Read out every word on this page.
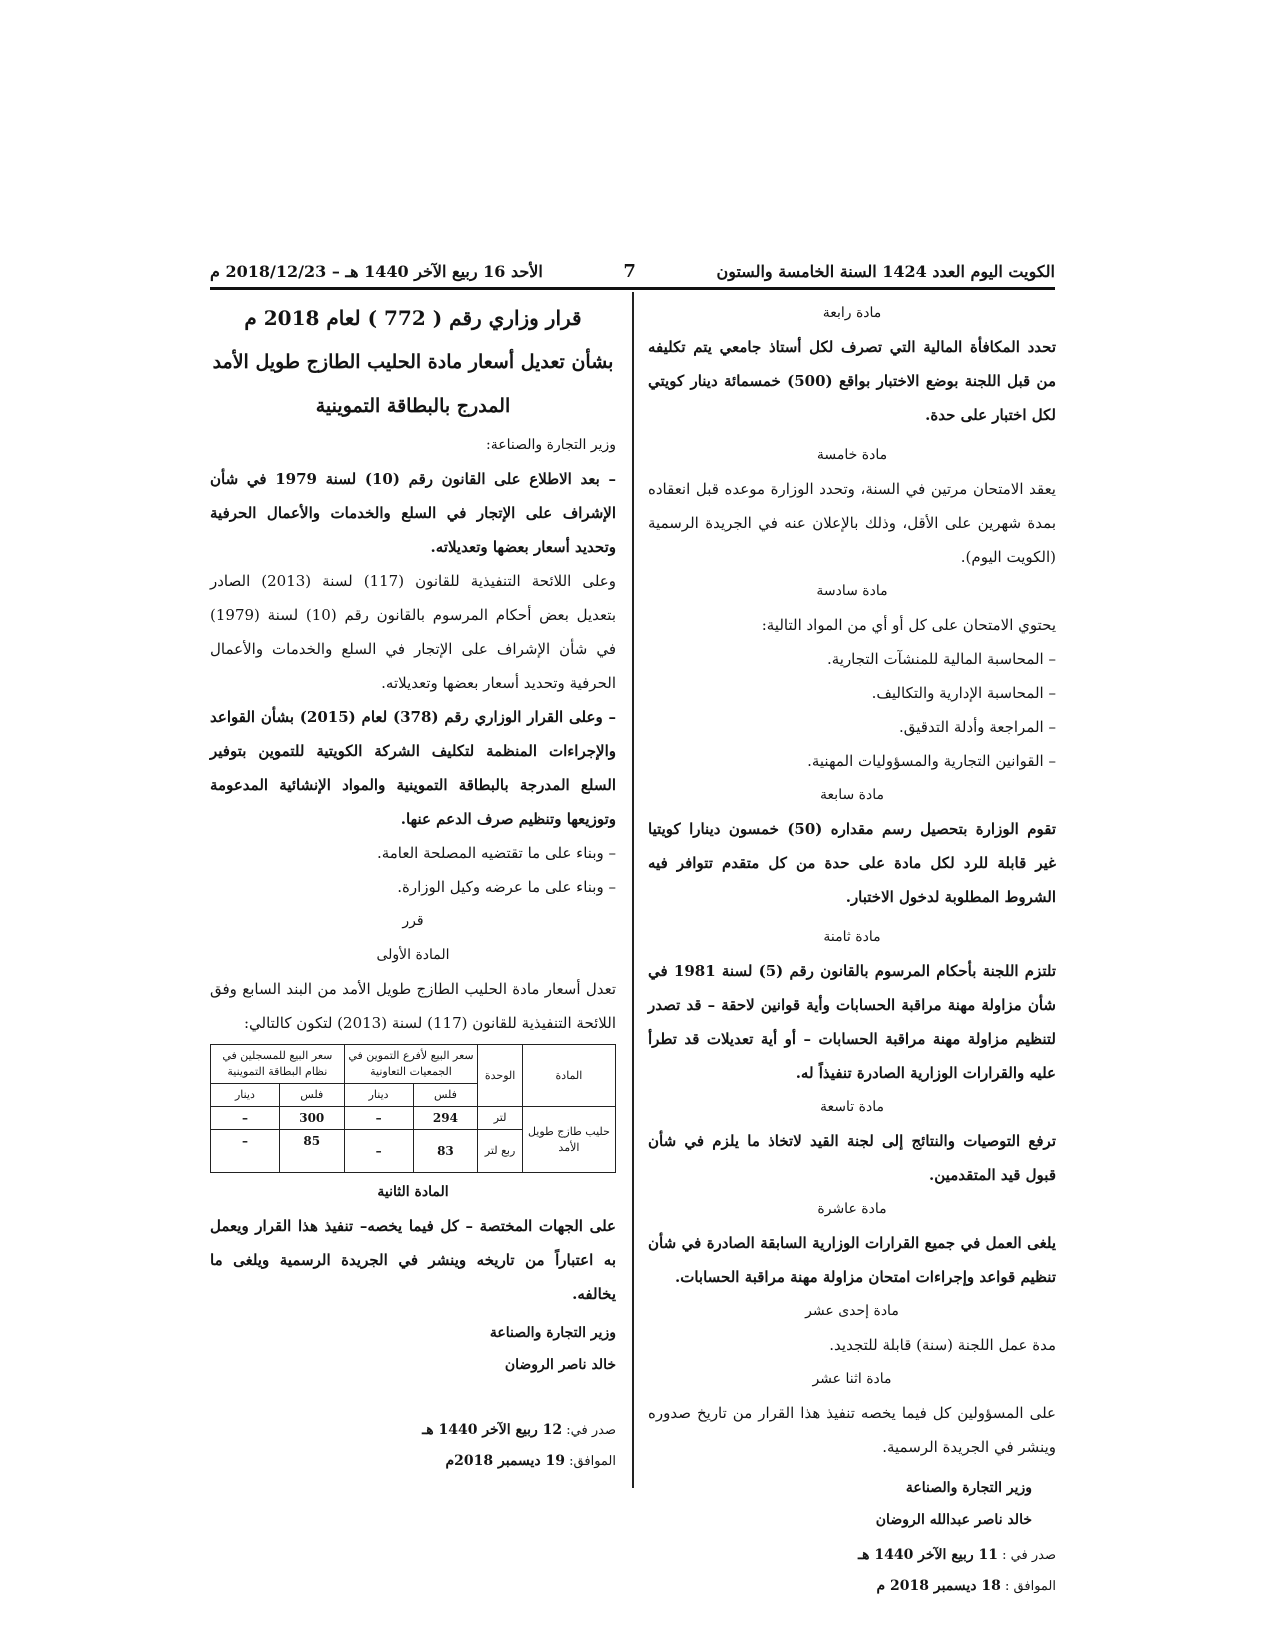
الكويت اليوم العدد 1424 السنة الخامسة والستون
7
الأحد 16 ربيع الآخر 1440 هـ – 2018/12/23 م

مادة رابعة

تحدد المكافأة المالية التي تصرف لكل أستاذ جامعي يتم تكليفه من قبل اللجنة بوضع الاختبار بواقع (500) خمسمائة دينار كويتي لكل اختبار على حدة.

مادة خامسة

يعقد الامتحان مرتين في السنة، وتحدد الوزارة موعده قبل انعقاده بمدة شهرين على الأقل، وذلك بالإعلان عنه في الجريدة الرسمية (الكويت اليوم).

مادة سادسة

يحتوي الامتحان على كل أو أي من المواد التالية:

– المحاسبة المالية للمنشآت التجارية.

– المحاسبة الإدارية والتكاليف.

– المراجعة وأدلة التدقيق.

– القوانين التجارية والمسؤوليات المهنية.

مادة سابعة

تقوم الوزارة بتحصيل رسم مقداره (50) خمسون دينارا كويتيا غير قابلة للرد لكل مادة على حدة من كل متقدم تتوافر فيه الشروط المطلوبة لدخول الاختبار.

مادة ثامنة

تلتزم اللجنة بأحكام المرسوم بالقانون رقم (5) لسنة 1981 في شأن مزاولة مهنة مراقبة الحسابات وأية قوانين لاحقة – قد تصدر لتنظيم مزاولة مهنة مراقبة الحسابات – أو أية تعديلات قد تطرأ عليه والقرارات الوزارية الصادرة تنفيذاً له.

مادة تاسعة

ترفع التوصيات والنتائج إلى لجنة القيد لاتخاذ ما يلزم في شأن قبول قيد المتقدمين.

مادة عاشرة

يلغى العمل في جميع القرارات الوزارية السابقة الصادرة في شأن تنظيم قواعد وإجراءات امتحان مزاولة مهنة مراقبة الحسابات.

مادة إحدى عشر

مدة عمل اللجنة (سنة) قابلة للتجديد.

مادة اثنا عشر

على المسؤولين كل فيما يخصه تنفيذ هذا القرار من تاريخ صدوره وينشر في الجريدة الرسمية.

وزير التجارة والصناعة

خالد ناصر عبدالله الروضان

صدر في : 11 ربيع الآخر 1440 هـ

الموافق : 18 ديسمبر 2018 م

قرار وزاري رقم ( 772 ) لعام 2018 م

بشأن تعديل أسعار مادة الحليب الطازج طويل الأمد

المدرج بالبطاقة التموينية

وزير التجارة والصناعة:

– بعد الاطلاع على القانون رقم (10) لسنة 1979 في شأن الإشراف على الإتجار في السلع والخدمات والأعمال الحرفية وتحديد أسعار بعضها وتعديلاته.

وعلى اللائحة التنفيذية للقانون (117) لسنة (2013) الصادر بتعديل بعض أحكام المرسوم بالقانون رقم (10) لسنة (1979) في شأن الإشراف على الإتجار في السلع والخدمات والأعمال الحرفية وتحديد أسعار بعضها وتعديلاته.

– وعلى القرار الوزاري رقم (378) لعام (2015) بشأن القواعد والإجراءات المنظمة لتكليف الشركة الكويتية للتموين بتوفير السلع المدرجة بالبطاقة التموينية والمواد الإنشائية المدعومة وتوزيعها وتنظيم صرف الدعم عنها.

– وبناء على ما تقتضيه المصلحة العامة.

– وبناء على ما عرضه وكيل الوزارة.

قرر

المادة الأولى

تعدل أسعار مادة الحليب الطازج طويل الأمد من البند السابع وفق اللائحة التنفيذية للقانون (117) لسنة (2013) لتكون كالتالي:

المادة	الوحدة	سعر البيع لأفرع التموين في الجمعيات التعاونية		سعر البيع للمسجلين في نظام البطاقة التموينية	
		فلس	دينار	فلس	دينار
حليب طازج طويل الأمد	لتر	294	–	300	–
	ربع لتر	83	–	85	–

المادة الثانية

على الجهات المختصة – كل فيما يخصه– تنفيذ هذا القرار ويعمل به اعتباراً من تاريخه وينشر في الجريدة الرسمية ويلغى ما يخالفه.

وزير التجارة والصناعة

خالد ناصر الروضان

صدر في: 12 ربيع الآخر 1440 هـ

الموافق: 19 ديسمبر 2018م
